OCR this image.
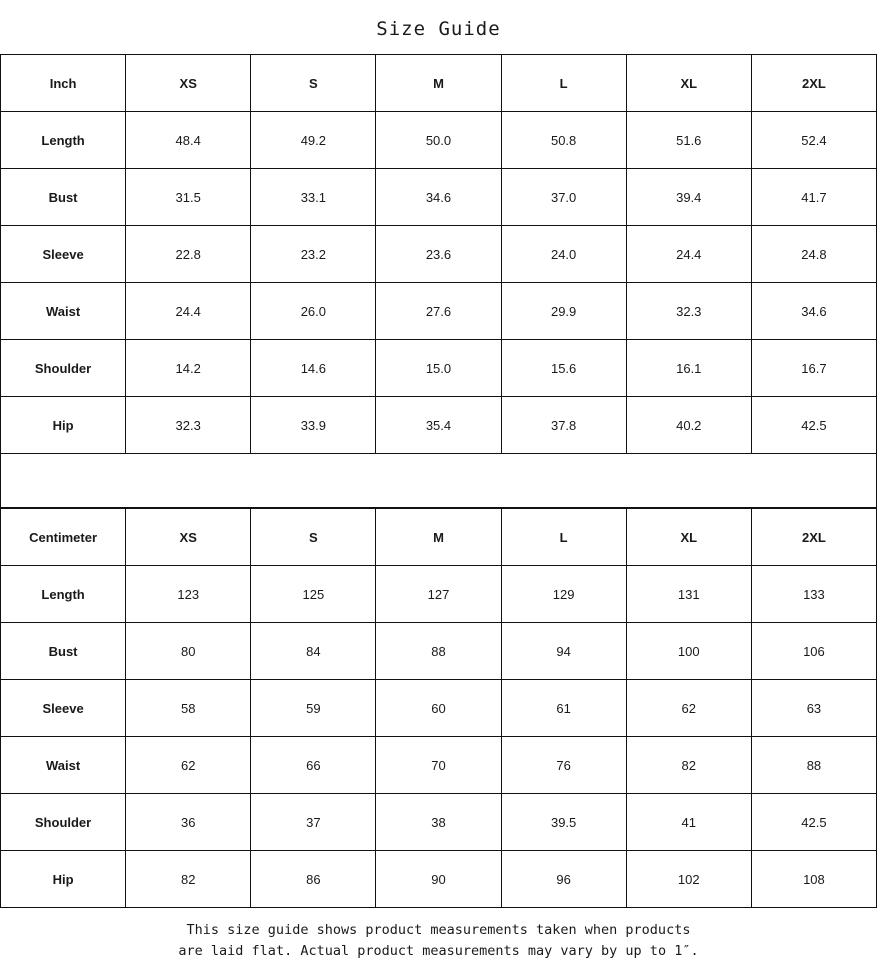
Size Guide
Inch	XS	S	M	L	XL	2XL
Length	48.4	49.2	50.0	50.8	51.6	52.4
Bust	31.5	33.1	34.6	37.0	39.4	41.7
Sleeve	22.8	23.2	23.6	24.0	24.4	24.8
Waist	24.4	26.0	27.6	29.9	32.3	34.6
Shoulder	14.2	14.6	15.0	15.6	16.1	16.7
Hip	32.3	33.9	35.4	37.8	40.2	42.5
Centimeter	XS	S	M	L	XL	2XL
Length	123	125	127	129	131	133
Bust	80	84	88	94	100	106
Sleeve	58	59	60	61	62	63
Waist	62	66	70	76	82	88
Shoulder	36	37	38	39.5	41	42.5
Hip	82	86	90	96	102	108
This size guide shows product measurements taken when products
are laid flat. Actual product measurements may vary by up to 1″.
